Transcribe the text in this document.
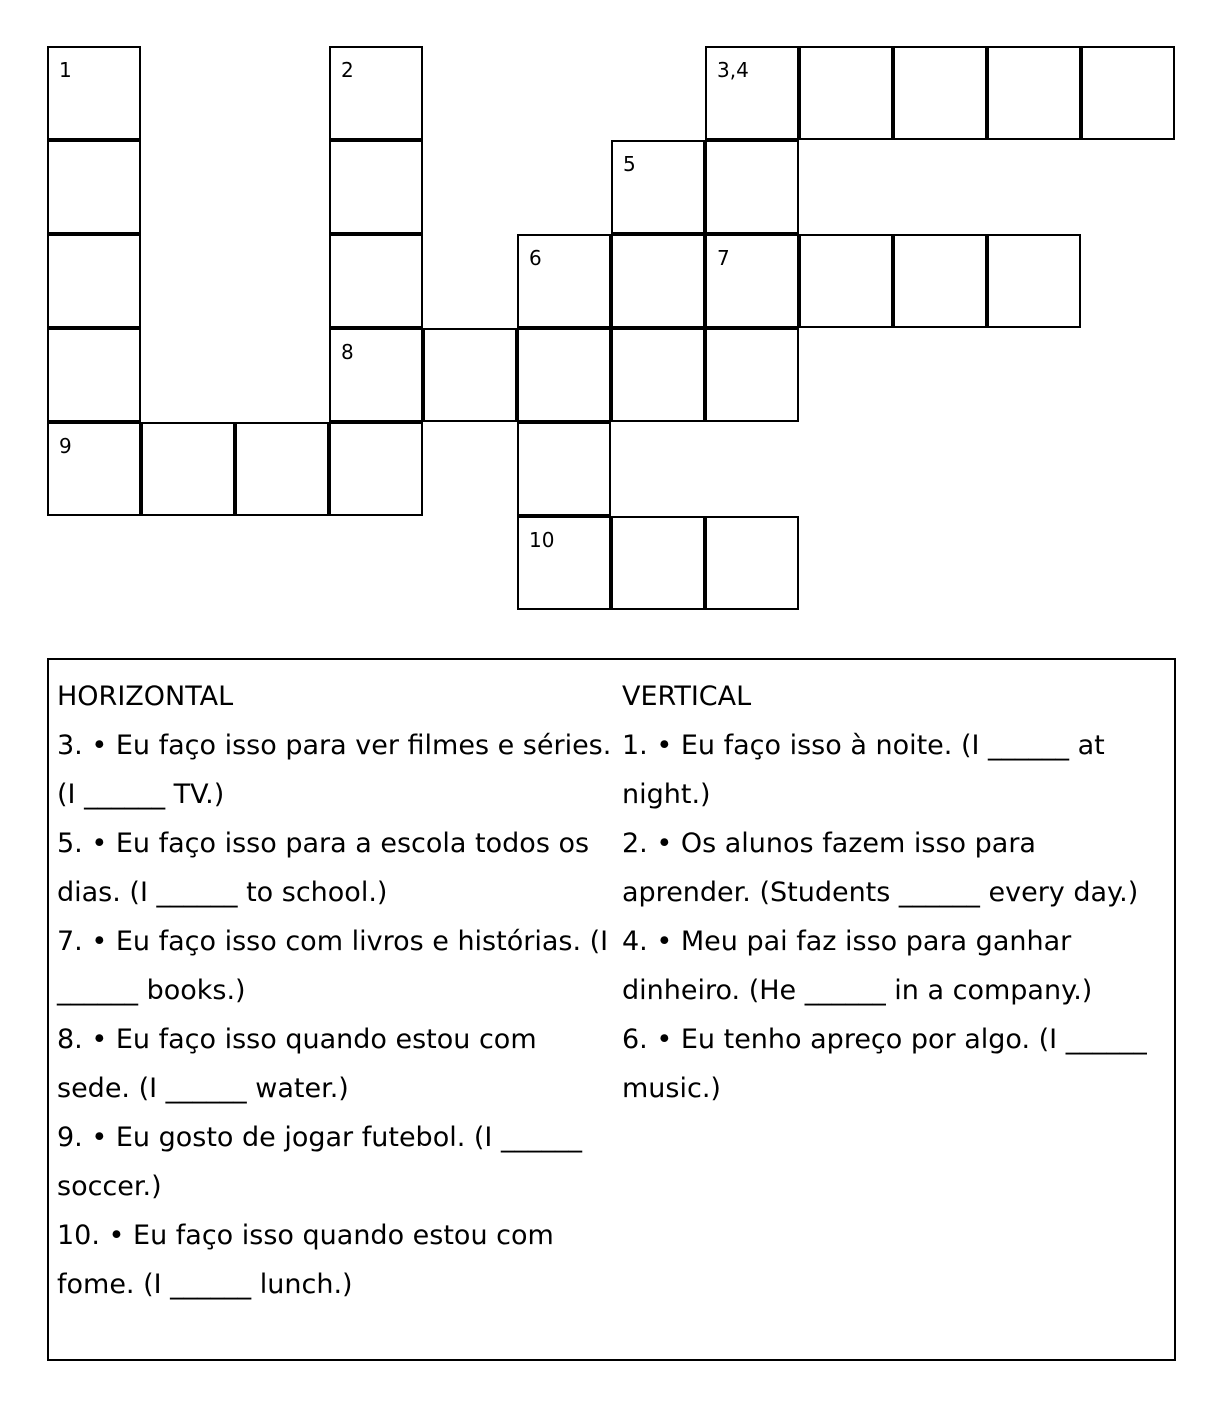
1
9
2
8
6
10
5
3,4
7

HORIZONTAL

3. • Eu faço isso para ver filmes e séries. (I ______ TV.)

5. • Eu faço isso para a escola todos os dias. (I ______ to school.)

7. • Eu faço isso com livros e histórias. (I ______ books.)

8. • Eu faço isso quando estou com sede. (I ______ water.)

9. • Eu gosto de jogar futebol. (I ______ soccer.)

10. • Eu faço isso quando estou com fome. (I ______ lunch.)

VERTICAL

1. • Eu faço isso à noite. (I ______ at night.)

2. • Os alunos fazem isso para aprender. (Students ______ every day.)

4. • Meu pai faz isso para ganhar dinheiro. (He ______ in a company.)

6. • Eu tenho apreço por algo. (I ______ music.)
